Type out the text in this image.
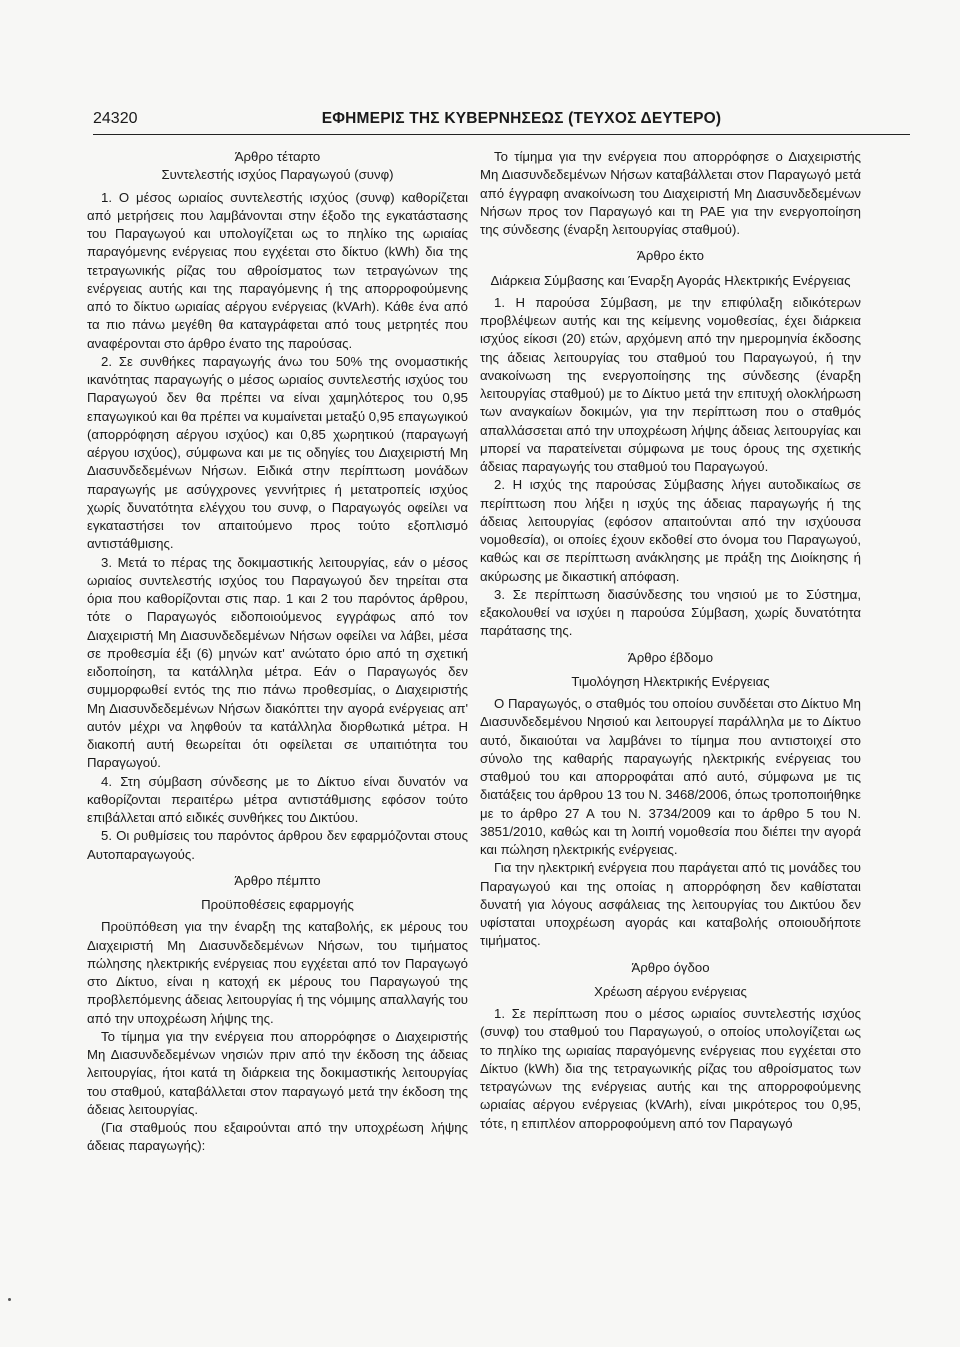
24320	ΕΦΗΜΕΡΙΣ ΤΗΣ ΚΥΒΕΡΝΗΣΕΩΣ (ΤΕΥΧΟΣ ΔΕΥΤΕΡΟ)

Άρθρο τέταρτο

Συντελεστής ισχύος Παραγωγού (συνφ)

1. Ο μέσος ωριαίος συντελεστής ισχύος (συνφ) καθορίζεται από μετρήσεις που λαμβάνονται στην έξοδο της εγκατάστασης του Παραγωγού και υπολογίζεται ως το πηλίκο της ωριαίας παραγόμενης ενέργειας που εγχέεται στο δίκτυο (kWh) δια της τετραγωνικής ρίζας του αθροίσματος των τετραγώνων της ενέργειας αυτής και της παραγόμενης ή της απορροφούμενης από το δίκτυο ωριαίας αέργου ενέργειας (kVArh). Κάθε ένα από τα πιο πάνω μεγέθη θα καταγράφεται από τους μετρητές που αναφέρονται στο άρθρο ένατο της παρούσας.

2. Σε συνθήκες παραγωγής άνω του 50% της ονομαστικής ικανότητας παραγωγής ο μέσος ωριαίος συντελεστής ισχύος του Παραγωγού δεν θα πρέπει να είναι χαμηλότερος του 0,95 επαγωγικού και θα πρέπει να κυμαίνεται μεταξύ 0,95 επαγωγικού (απορρόφηση αέργου ισχύος) και 0,85 χωρητικού (παραγωγή αέργου ισχύος), σύμφωνα και με τις οδηγίες του Διαχειριστή Μη Διασυνδεδεμένων Νήσων. Ειδικά στην περίπτωση μονάδων παραγωγής με ασύγχρονες γεννήτριες ή μετατροπείς ισχύος χωρίς δυνατότητα ελέγχου του συνφ, ο Παραγωγός οφείλει να εγκαταστήσει τον απαιτούμενο προς τούτο εξοπλισμό αντιστάθμισης.

3. Μετά το πέρας της δοκιμαστικής λειτουργίας, εάν ο μέσος ωριαίος συντελεστής ισχύος του Παραγωγού δεν τηρείται στα όρια που καθορίζονται στις παρ. 1 και 2 του παρόντος άρθρου, τότε ο Παραγωγός ειδοποιούμενος εγγράφως από τον Διαχειριστή Μη Διασυνδεδεμένων Νήσων οφείλει να λάβει, μέσα σε προθεσμία έξι (6) μηνών κατ' ανώτατο όριο από τη σχετική ειδοποίηση, τα κατάλληλα μέτρα. Εάν ο Παραγωγός δεν συμμορφωθεί εντός της πιο πάνω προθεσμίας, ο Διαχειριστής Μη Διασυνδεδεμένων Νήσων διακόπτει την αγορά ενέργειας απ' αυτόν μέχρι να ληφθούν τα κατάλληλα διορθωτικά μέτρα. Η διακοπή αυτή θεωρείται ότι οφείλεται σε υπαιτιότητα του Παραγωγού.

4. Στη σύμβαση σύνδεσης με το Δίκτυο είναι δυνατόν να καθορίζονται περαιτέρω μέτρα αντιστάθμισης εφόσον τούτο επιβάλλεται από ειδικές συνθήκες του Δικτύου.

5. Οι ρυθμίσεις του παρόντος άρθρου δεν εφαρμόζονται στους Αυτοπαραγωγούς.

Άρθρο πέμπτο

Προϋποθέσεις εφαρμογής

Προϋπόθεση για την έναρξη της καταβολής, εκ μέρους του Διαχειριστή Μη Διασυνδεδεμένων Νήσων, του τιμήματος πώλησης ηλεκτρικής ενέργειας που εγχέεται από τον Παραγωγό στο Δίκτυο, είναι η κατοχή εκ μέρους του Παραγωγού της προβλεπόμενης άδειας λειτουργίας ή της νόμιμης απαλλαγής του από την υποχρέωση λήψης της.

Το τίμημα για την ενέργεια που απορρόφησε ο Διαχειριστής Μη Διασυνδεδεμένων νησιών πριν από την έκδοση της άδειας λειτουργίας, ήτοι κατά τη διάρκεια της δοκιμαστικής λειτουργίας του σταθμού, καταβάλλεται στον παραγωγό μετά την έκδοση της άδειας λειτουργίας.

(Για σταθμούς που εξαιρούνται από την υποχρέωση λήψης άδειας παραγωγής):

Το τίμημα για την ενέργεια που απορρόφησε ο Διαχειριστής Μη Διασυνδεδεμένων Νήσων καταβάλλεται στον Παραγωγό μετά από έγγραφη ανακοίνωση του Διαχειριστή Μη Διασυνδεδεμένων Νήσων προς τον Παραγωγό και τη ΡΑΕ για την ενεργοποίηση της σύνδεσης (έναρξη λειτουργίας σταθμού).

Άρθρο έκτο

Διάρκεια Σύμβασης και Έναρξη Αγοράς Ηλεκτρικής Ενέργειας

1. Η παρούσα Σύμβαση, με την επιφύλαξη ειδικότερων προβλέψεων αυτής και της κείμενης νομοθεσίας, έχει διάρκεια ισχύος είκοσι (20) ετών, αρχόμενη από την ημερομηνία έκδοσης της άδειας λειτουργίας του σταθμού του Παραγωγού, ή την ανακοίνωση της ενεργοποίησης της σύνδεσης (έναρξη λειτουργίας σταθμού) με το Δίκτυο μετά την επιτυχή ολοκλήρωση των αναγκαίων δοκιμών, για την περίπτωση που ο σταθμός απαλλάσσεται από την υποχρέωση λήψης άδειας λειτουργίας και μπορεί να παρατείνεται σύμφωνα με τους όρους της σχετικής άδειας παραγωγής του σταθμού του Παραγωγού.

2. Η ισχύς της παρούσας Σύμβασης λήγει αυτοδικαίως σε περίπτωση που λήξει η ισχύς της άδειας παραγωγής ή της άδειας λειτουργίας (εφόσον απαιτούνται από την ισχύουσα νομοθεσία), οι οποίες έχουν εκδοθεί στο όνομα του Παραγωγού, καθώς και σε περίπτωση ανάκλησης με πράξη της Διοίκησης ή ακύρωσης με δικαστική απόφαση.

3. Σε περίπτωση διασύνδεσης του νησιού με το Σύστημα, εξακολουθεί να ισχύει η παρούσα Σύμβαση, χωρίς δυνατότητα παράτασης της.

Άρθρο έβδομο

Τιμολόγηση Ηλεκτρικής Ενέργειας

Ο Παραγωγός, ο σταθμός του οποίου συνδέεται στο Δίκτυο Μη Διασυνδεδεμένου Νησιού και λειτουργεί παράλληλα με το Δίκτυο αυτό, δικαιούται να λαμβάνει το τίμημα που αντιστοιχεί στο σύνολο της καθαρής παραγωγής ηλεκτρικής ενέργειας του σταθμού του και απορροφάται από αυτό, σύμφωνα με τις διατάξεις του άρθρου 13 του Ν. 3468/2006, όπως τροποποιήθηκε με το άρθρο 27 Α του Ν. 3734/2009 και το άρθρο 5 του Ν. 3851/2010, καθώς και τη λοιπή νομοθεσία που διέπει την αγορά και πώληση ηλεκτρικής ενέργειας.

Για την ηλεκτρική ενέργεια που παράγεται από τις μονάδες του Παραγωγού και της οποίας η απορρόφηση δεν καθίσταται δυνατή για λόγους ασφάλειας της λειτουργίας του Δικτύου δεν υφίσταται υποχρέωση αγοράς και καταβολής οποιουδήποτε τιμήματος.

Άρθρο όγδοο

Χρέωση αέργου ενέργειας

1. Σε περίπτωση που ο μέσος ωριαίος συντελεστής ισχύος (συνφ) του σταθμού του Παραγωγού, ο οποίος υπολογίζεται ως το πηλίκο της ωριαίας παραγόμενης ενέργειας που εγχέεται στο Δίκτυο (kWh) δια της τετραγωνικής ρίζας του αθροίσματος των τετραγώνων της ενέργειας αυτής και της απορροφούμενης ωριαίας αέργου ενέργειας (kVArh), είναι μικρότερος του 0,95, τότε, η επιπλέον απορροφούμενη από τον Παραγωγό
